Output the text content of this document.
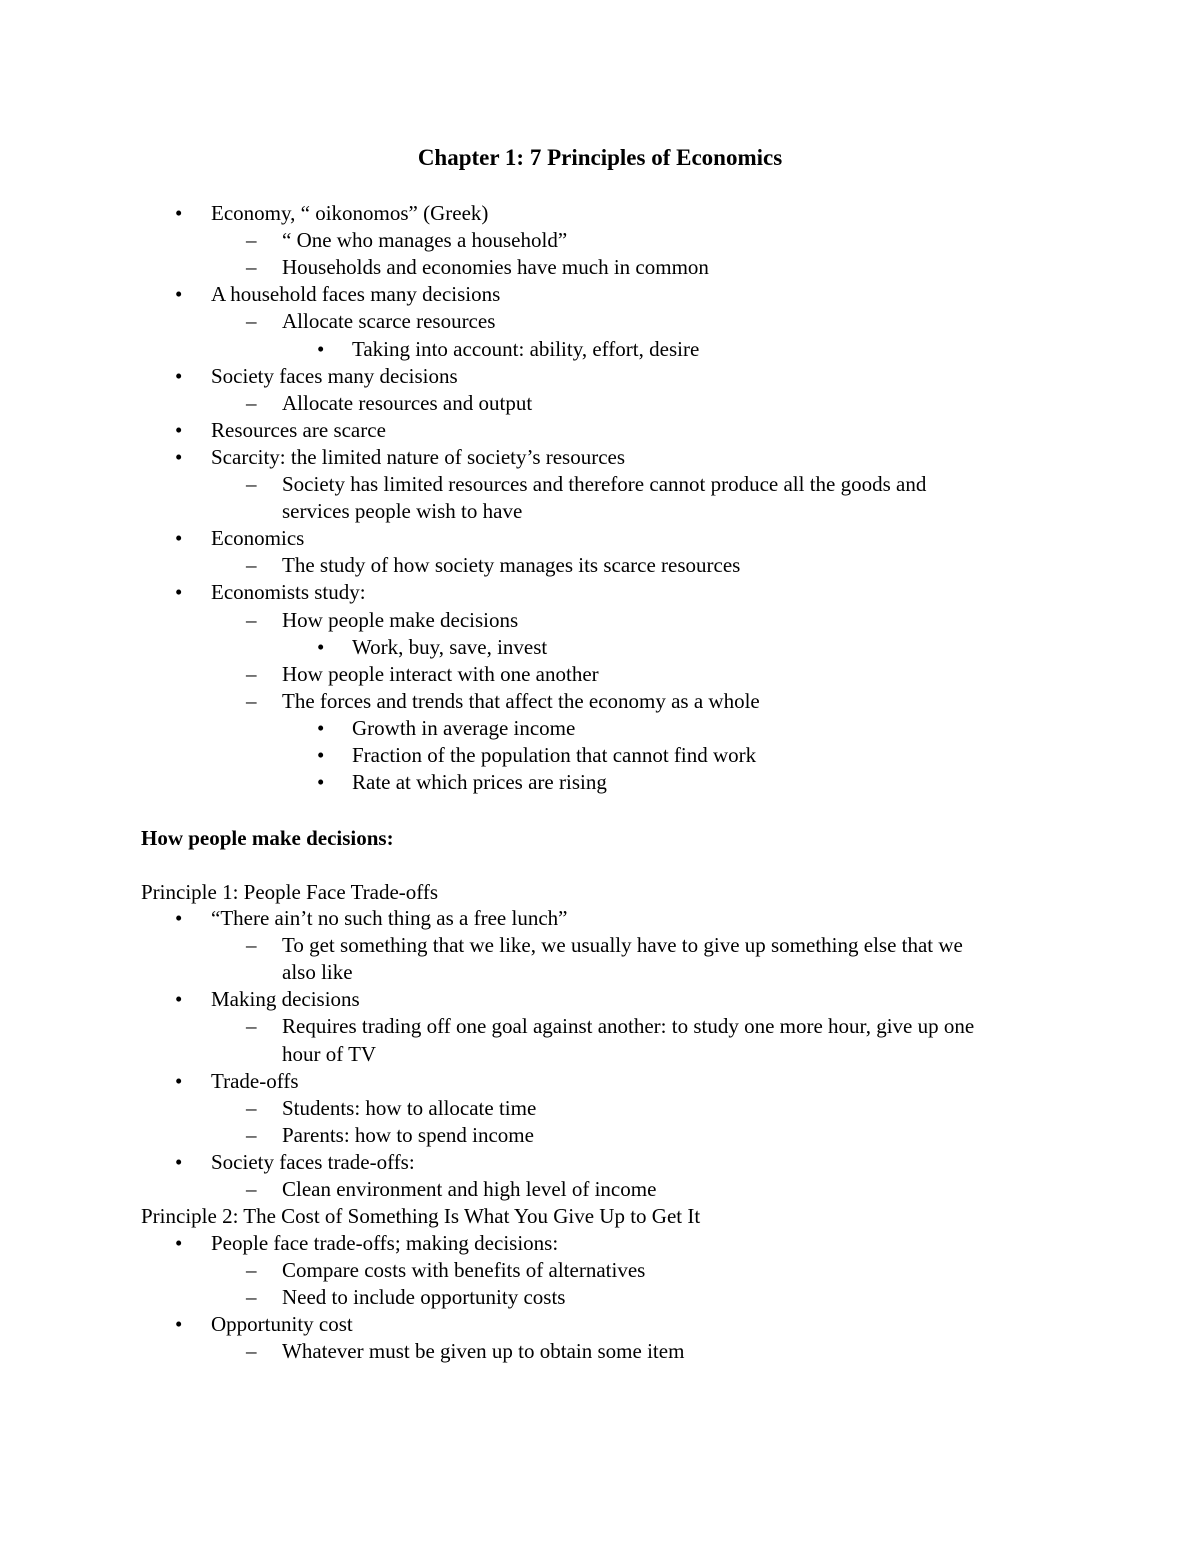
Chapter 1: 7 Principles of Economics
• Economy, “ oikonomos” (Greek)
– “ One who manages a household”
– Households and economies have much in common
• A household faces many decisions
– Allocate scarce resources
• Taking into account: ability, effort, desire
• Society faces many decisions
– Allocate resources and output
• Resources are scarce
• Scarcity: the limited nature of society’s resources
– Society has limited resources and therefore cannot produce all the goods and
services people wish to have
• Economics
– The study of how society manages its scarce resources
• Economists study:
– How people make decisions
• Work, buy, save, invest
– How people interact with one another
– The forces and trends that affect the economy as a whole
• Growth in average income
• Fraction of the population that cannot find work
• Rate at which prices are rising
How people make decisions:
Principle 1: People Face Trade-offs
• “There ain’t no such thing as a free lunch”
– To get something that we like, we usually have to give up something else that we
also like
• Making decisions
– Requires trading off one goal against another: to study one more hour, give up one
hour of TV
• Trade-offs
– Students: how to allocate time
– Parents: how to spend income
• Society faces trade-offs:
– Clean environment and high level of income
Principle 2: The Cost of Something Is What You Give Up to Get It
• People face trade-offs; making decisions:
– Compare costs with benefits of alternatives
– Need to include opportunity costs
• Opportunity cost
– Whatever must be given up to obtain some item
